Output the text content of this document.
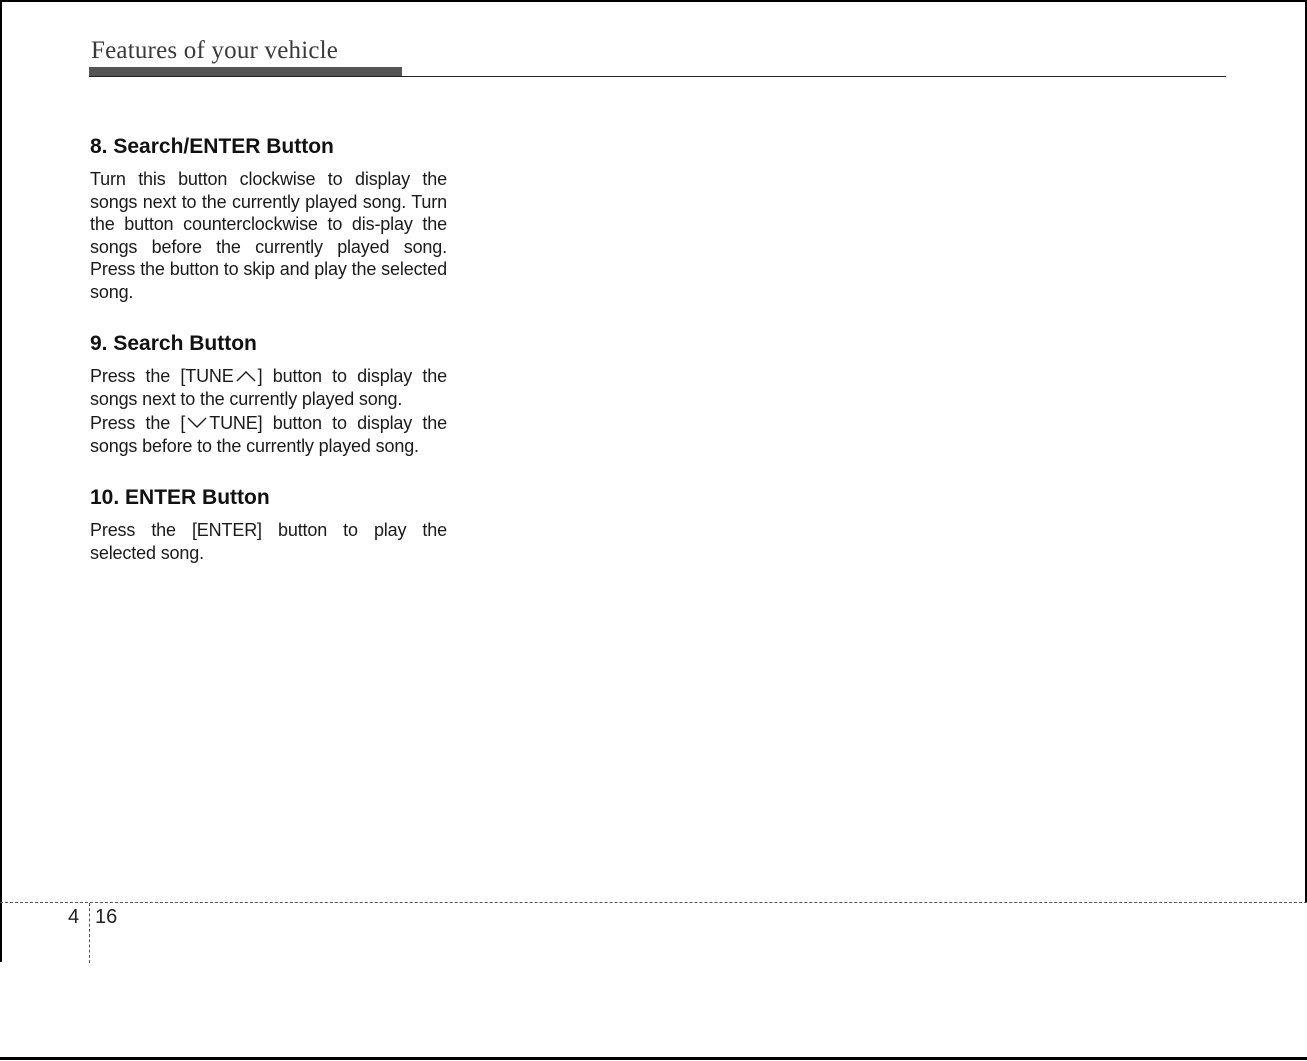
Features of your vehicle
8. Search/ENTER Button

Turn this button clockwise to display the songs next to the currently played song. Turn the button counterclockwise to dis-play the songs before the currently played song. Press the button to skip and play the selected song.

9. Search Button

Press the [TUNE ] button to display the songs next to the currently played song.

Press the [ TUNE] button to display the songs before to the currently played song.

10. ENTER Button

Press the [ENTER] button to play the selected song.

4 16
